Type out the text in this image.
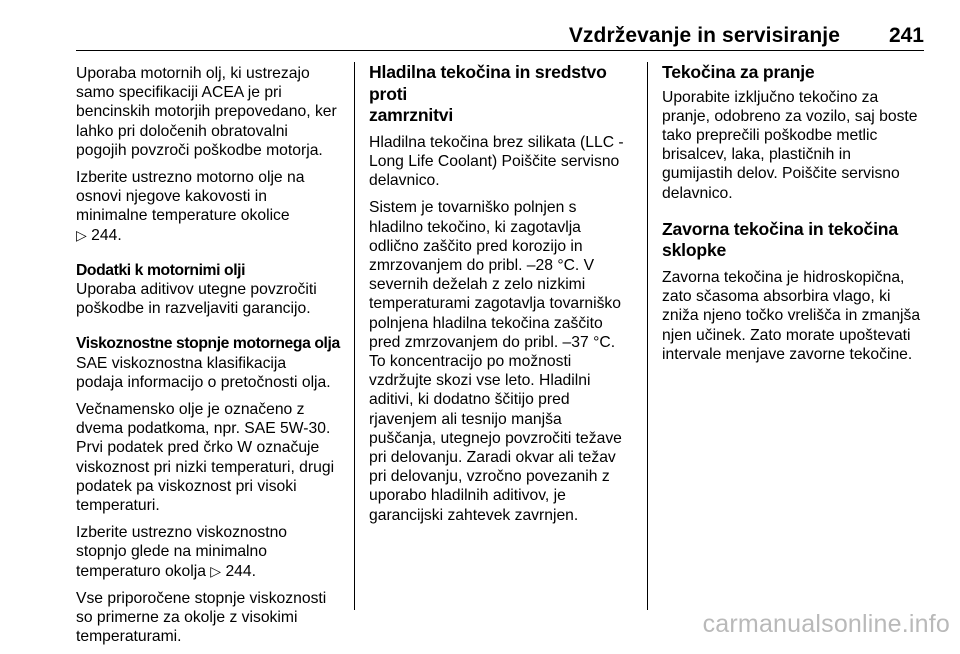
Vzdrževanje in servisiranje 241

Uporaba motornih olj, ki ustrezajo
samo specifikaciji ACEA je pri
bencinskih motorjih prepovedano, ker
lahko pri določenih obratovalni
pogojih povzroči poškodbe motorja.

Izberite ustrezno motorno olje na
osnovi njegove kakovosti in
minimalne temperature okolice
▷ 244.

Dodatki k motornimi olji

Uporaba aditivov utegne povzročiti
poškodbe in razveljaviti garancijo.

Viskoznostne stopnje motornega olja

SAE viskoznostna klasifikacija
podaja informacijo o pretočnosti olja.

Večnamensko olje je označeno z
dvema podatkoma, npr. SAE 5W-30.
Prvi podatek pred črko W označuje
viskoznost pri nizki temperaturi, drugi
podatek pa viskoznost pri visoki
temperaturi.

Izberite ustrezno viskoznostno
stopnjo glede na minimalno
temperaturo okolja ▷ 244.

Vse priporočene stopnje viskoznosti
so primerne za okolje z visokimi
temperaturami.

Hladilna tekočina in sredstvo proti
zamrznitvi

Hladilna tekočina brez silikata (LLC -
Long Life Coolant) Poiščite servisno
delavnico.

Sistem je tovarniško polnjen s
hladilno tekočino, ki zagotavlja
odlično zaščito pred korozijo in
zmrzovanjem do pribl. –28 °C. V
severnih deželah z zelo nizkimi
temperaturami zagotavlja tovarniško
polnjena hladilna tekočina zaščito
pred zmrzovanjem do pribl. –37 °C.
To koncentracijo po možnosti
vzdržujte skozi vse leto. Hladilni
aditivi, ki dodatno ščitijo pred
rjavenjem ali tesnijo manjša
puščanja, utegnejo povzročiti težave
pri delovanju. Zaradi okvar ali težav
pri delovanju, vzročno povezanih z
uporabo hladilnih aditivov, je
garancijski zahtevek zavrnjen.

Tekočina za pranje

Uporabite izključno tekočino za
pranje, odobreno za vozilo, saj boste
tako preprečili poškodbe metlic
brisalcev, laka, plastičnih in
gumijastih delov. Poiščite servisno
delavnico.

Zavorna tekočina in tekočina
sklopke

Zavorna tekočina je hidroskopična,
zato sčasoma absorbira vlago, ki
zniža njeno točko vrelišča in zmanjša
njen učinek. Zato morate upoštevati
intervale menjave zavorne tekočine.

carmanualsonline.info
